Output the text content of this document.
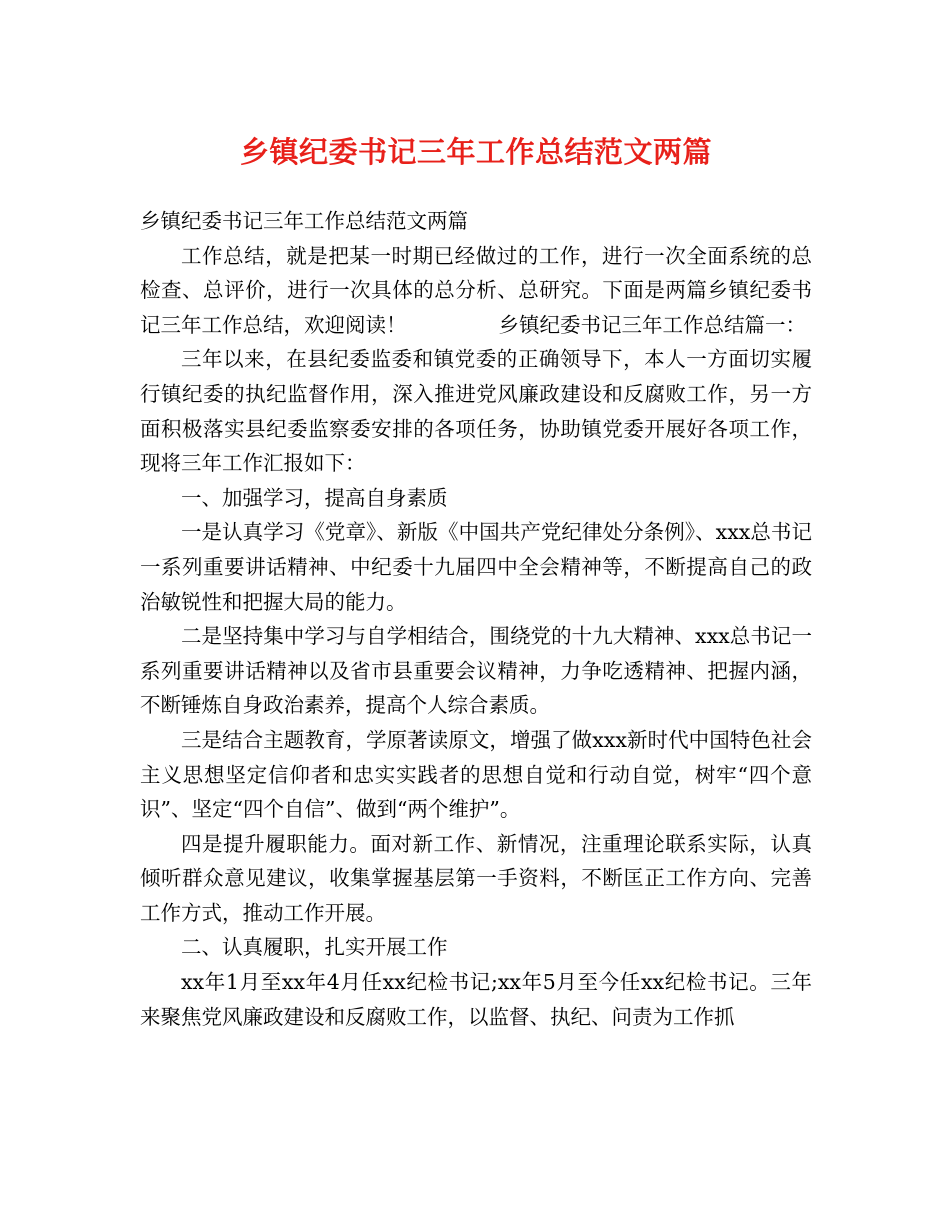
乡镇纪委书记三年工作总结范文两篇

乡镇纪委书记三年工作总结范文两篇

工作总结，就是把某一时期已经做过的工作，进行一次全面系统的总检查、总评价，进行一次具体的总分析、总研究。下面是两篇乡镇纪委书记三年工作总结，欢迎阅读！	乡镇纪委书记三年工作总结篇一：

三年以来，在县纪委监委和镇党委的正确领导下，本人一方面切实履行镇纪委的执纪监督作用，深入推进党风廉政建设和反腐败工作，另一方面积极落实县纪委监察委安排的各项任务，协助镇党委开展好各项工作，现将三年工作汇报如下：

一、加强学习，提高自身素质

一是认真学习《党章》、新版《中国共产党纪律处分条例》、xxx总书记一系列重要讲话精神、中纪委十九届四中全会精神等，不断提高自己的政治敏锐性和把握大局的能力。

二是坚持集中学习与自学相结合，围绕党的十九大精神、xxx总书记一系列重要讲话精神以及省市县重要会议精神，力争吃透精神、把握内涵，不断锤炼自身政治素养，提高个人综合素质。

三是结合主题教育，学原著读原文，增强了做xxx新时代中国特色社会主义思想坚定信仰者和忠实实践者的思想自觉和行动自觉，树牢“四个意识”、坚定“四个自信”、做到“两个维护”。

四是提升履职能力。面对新工作、新情况，注重理论联系实际，认真倾听群众意见建议，收集掌握基层第一手资料，不断匡正工作方向、完善工作方式，推动工作开展。

二、认真履职，扎实开展工作

xx年1月至xx年4月任xx纪检书记;xx年5月至今任xx纪检书记。三年来聚焦党风廉政建设和反腐败工作，以监督、执纪、问责为工作抓
